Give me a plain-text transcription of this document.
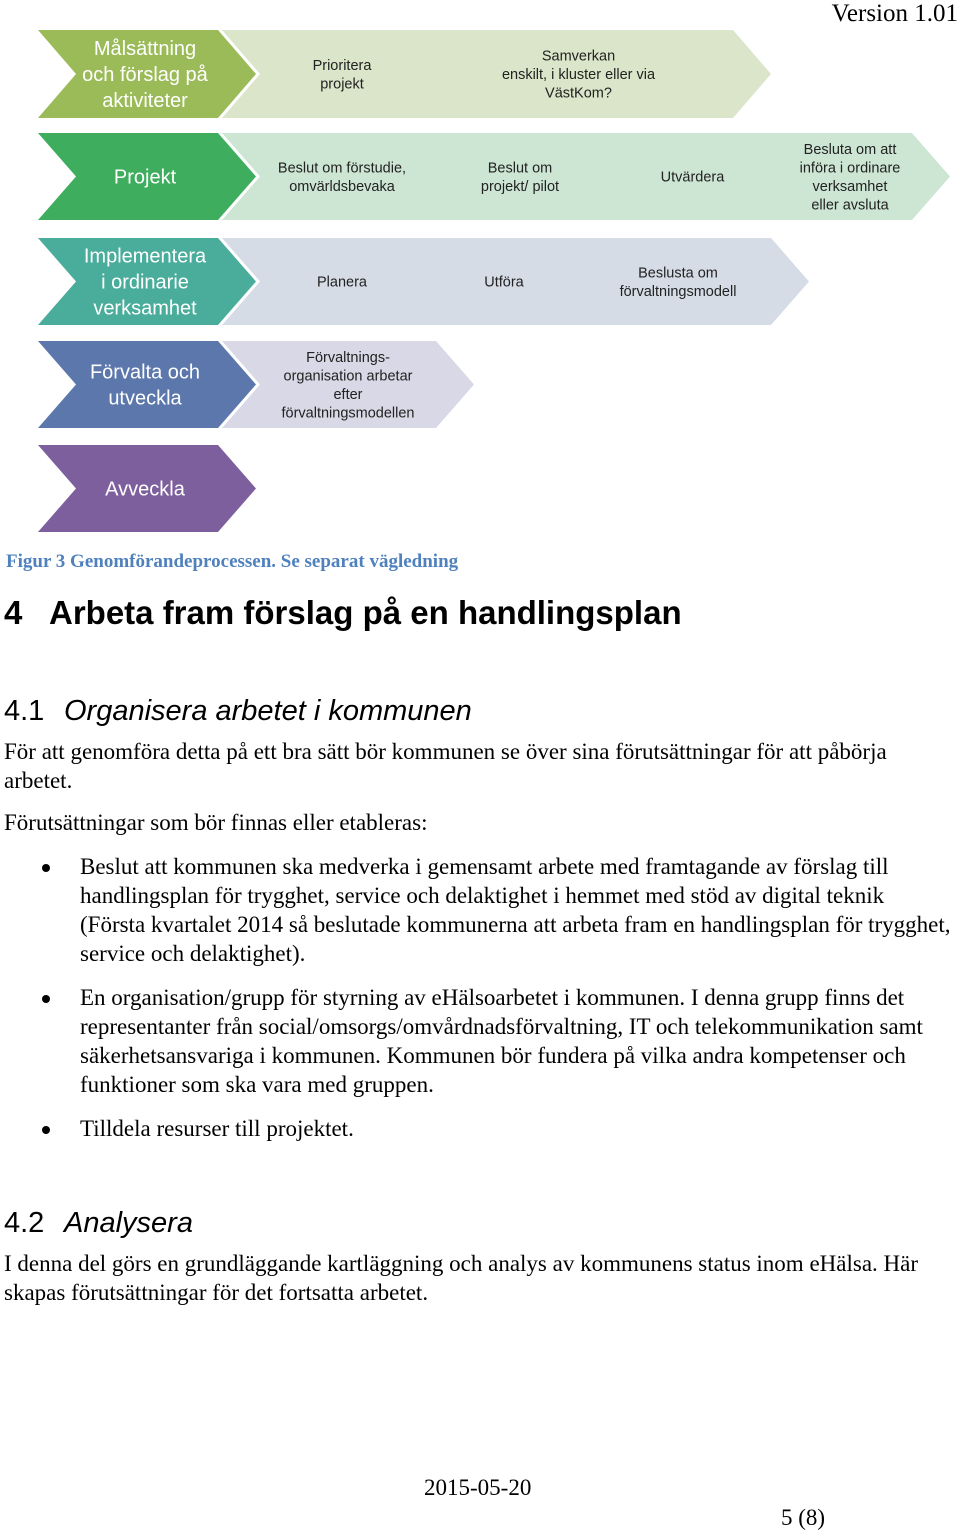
Version 1.01
Målsättning och förslag på aktiviteter
Prioritera projekt
Samverkan enskilt, i kluster eller via VästKom?
Projekt	Beslut om förstudie, omvärldsbevaka
Beslut om projekt/ pilot
Utvärdera
Besluta om att införa i ordinare verksamhet eller avsluta
Implementera i ordinarie verksamhet
Planera	Utföra
Beslusta om förvaltningsmodell
Förvalta och utveckla
Förvaltnings-organisation arbetar efter förvaltningsmodellen
Avveckla
Figur 3 Genomförandeprocessen. Se separat vägledning
4 Arbeta fram förslag på en handlingsplan
4.1 Organisera arbetet i kommunen

För att genomföra detta på ett bra sätt bör kommunen se över sina förutsättningar för att påbörja arbetet.

Förutsättningar som bör finnas eller etableras:

Beslut att kommunen ska medverka i gemensamt arbete med framtagande av förslag till handlingsplan för trygghet, service och delaktighet i hemmet med stöd av digital teknik (Första kvartalet 2014 så beslutade kommunerna att arbeta fram en handlingsplan för trygghet, service och delaktighet).
En organisation/grupp för styrning av eHälsoarbetet i kommunen. I denna grupp finns det representanter från social/omsorgs/omvårdnadsförvaltning, IT och telekommunikation samt säkerhetsansvariga i kommunen. Kommunen bör fundera på vilka andra kompetenser och funktioner som ska vara med gruppen.
Tilldela resurser till projektet.
4.2 Analysera

I denna del görs en grundläggande kartläggning och analys av kommunens status inom eHälsa. Här skapas förutsättningar för det fortsatta arbetet.

2015-05-20
5 (8)
